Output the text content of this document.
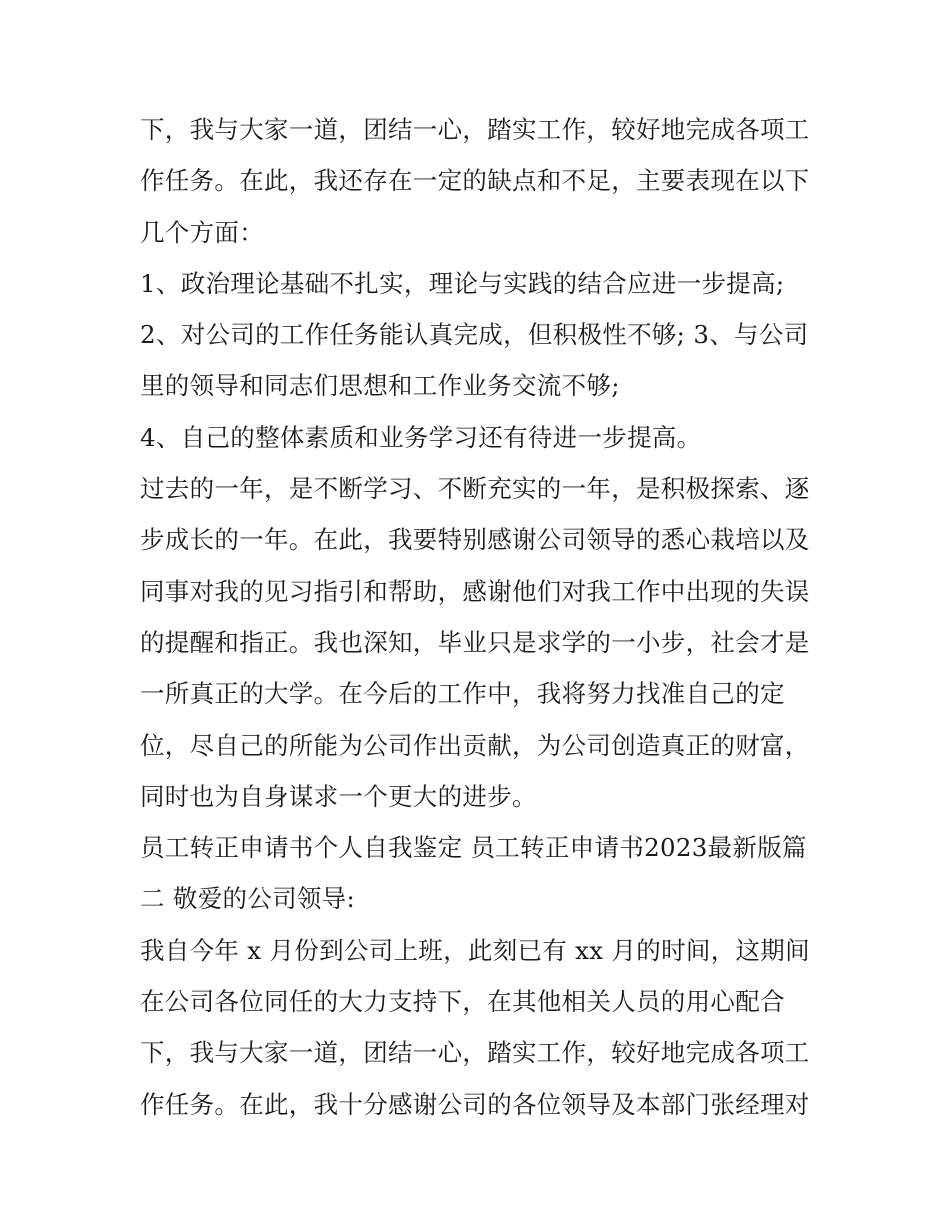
下，我与大家一道，团结一心，踏实工作，较好地完成各项工
作任务。在此，我还存在一定的缺点和不足，主要表现在以下
几个方面：
1、政治理论基础不扎实，理论与实践的结合应进一步提高;
2、对公司的工作任务能认真完成，但积极性不够; 3、与公司
里的领导和同志们思想和工作业务交流不够;
4、自己的整体素质和业务学习还有待进一步提高。
过去的一年，是不断学习、不断充实的一年，是积极探索、逐
步成长的一年。在此，我要特别感谢公司领导的悉心栽培以及
同事对我的见习指引和帮助，感谢他们对我工作中出现的失误
的提醒和指正。我也深知，毕业只是求学的一小步，社会才是
一所真正的大学。在今后的工作中，我将努力找准自己的定
位，尽自己的所能为公司作出贡献，为公司创造真正的财富，
同时也为自身谋求一个更大的进步。
员工转正申请书个人自我鉴定 员工转正申请书2023最新版篇
二 敬爱的公司领导:
我自今年 x 月份到公司上班，此刻已有 xx 月的时间，这期间
在公司各位同任的大力支持下，在其他相关人员的用心配合
下，我与大家一道，团结一心，踏实工作，较好地完成各项工
作任务。在此，我十分感谢公司的各位领导及本部门张经理对
